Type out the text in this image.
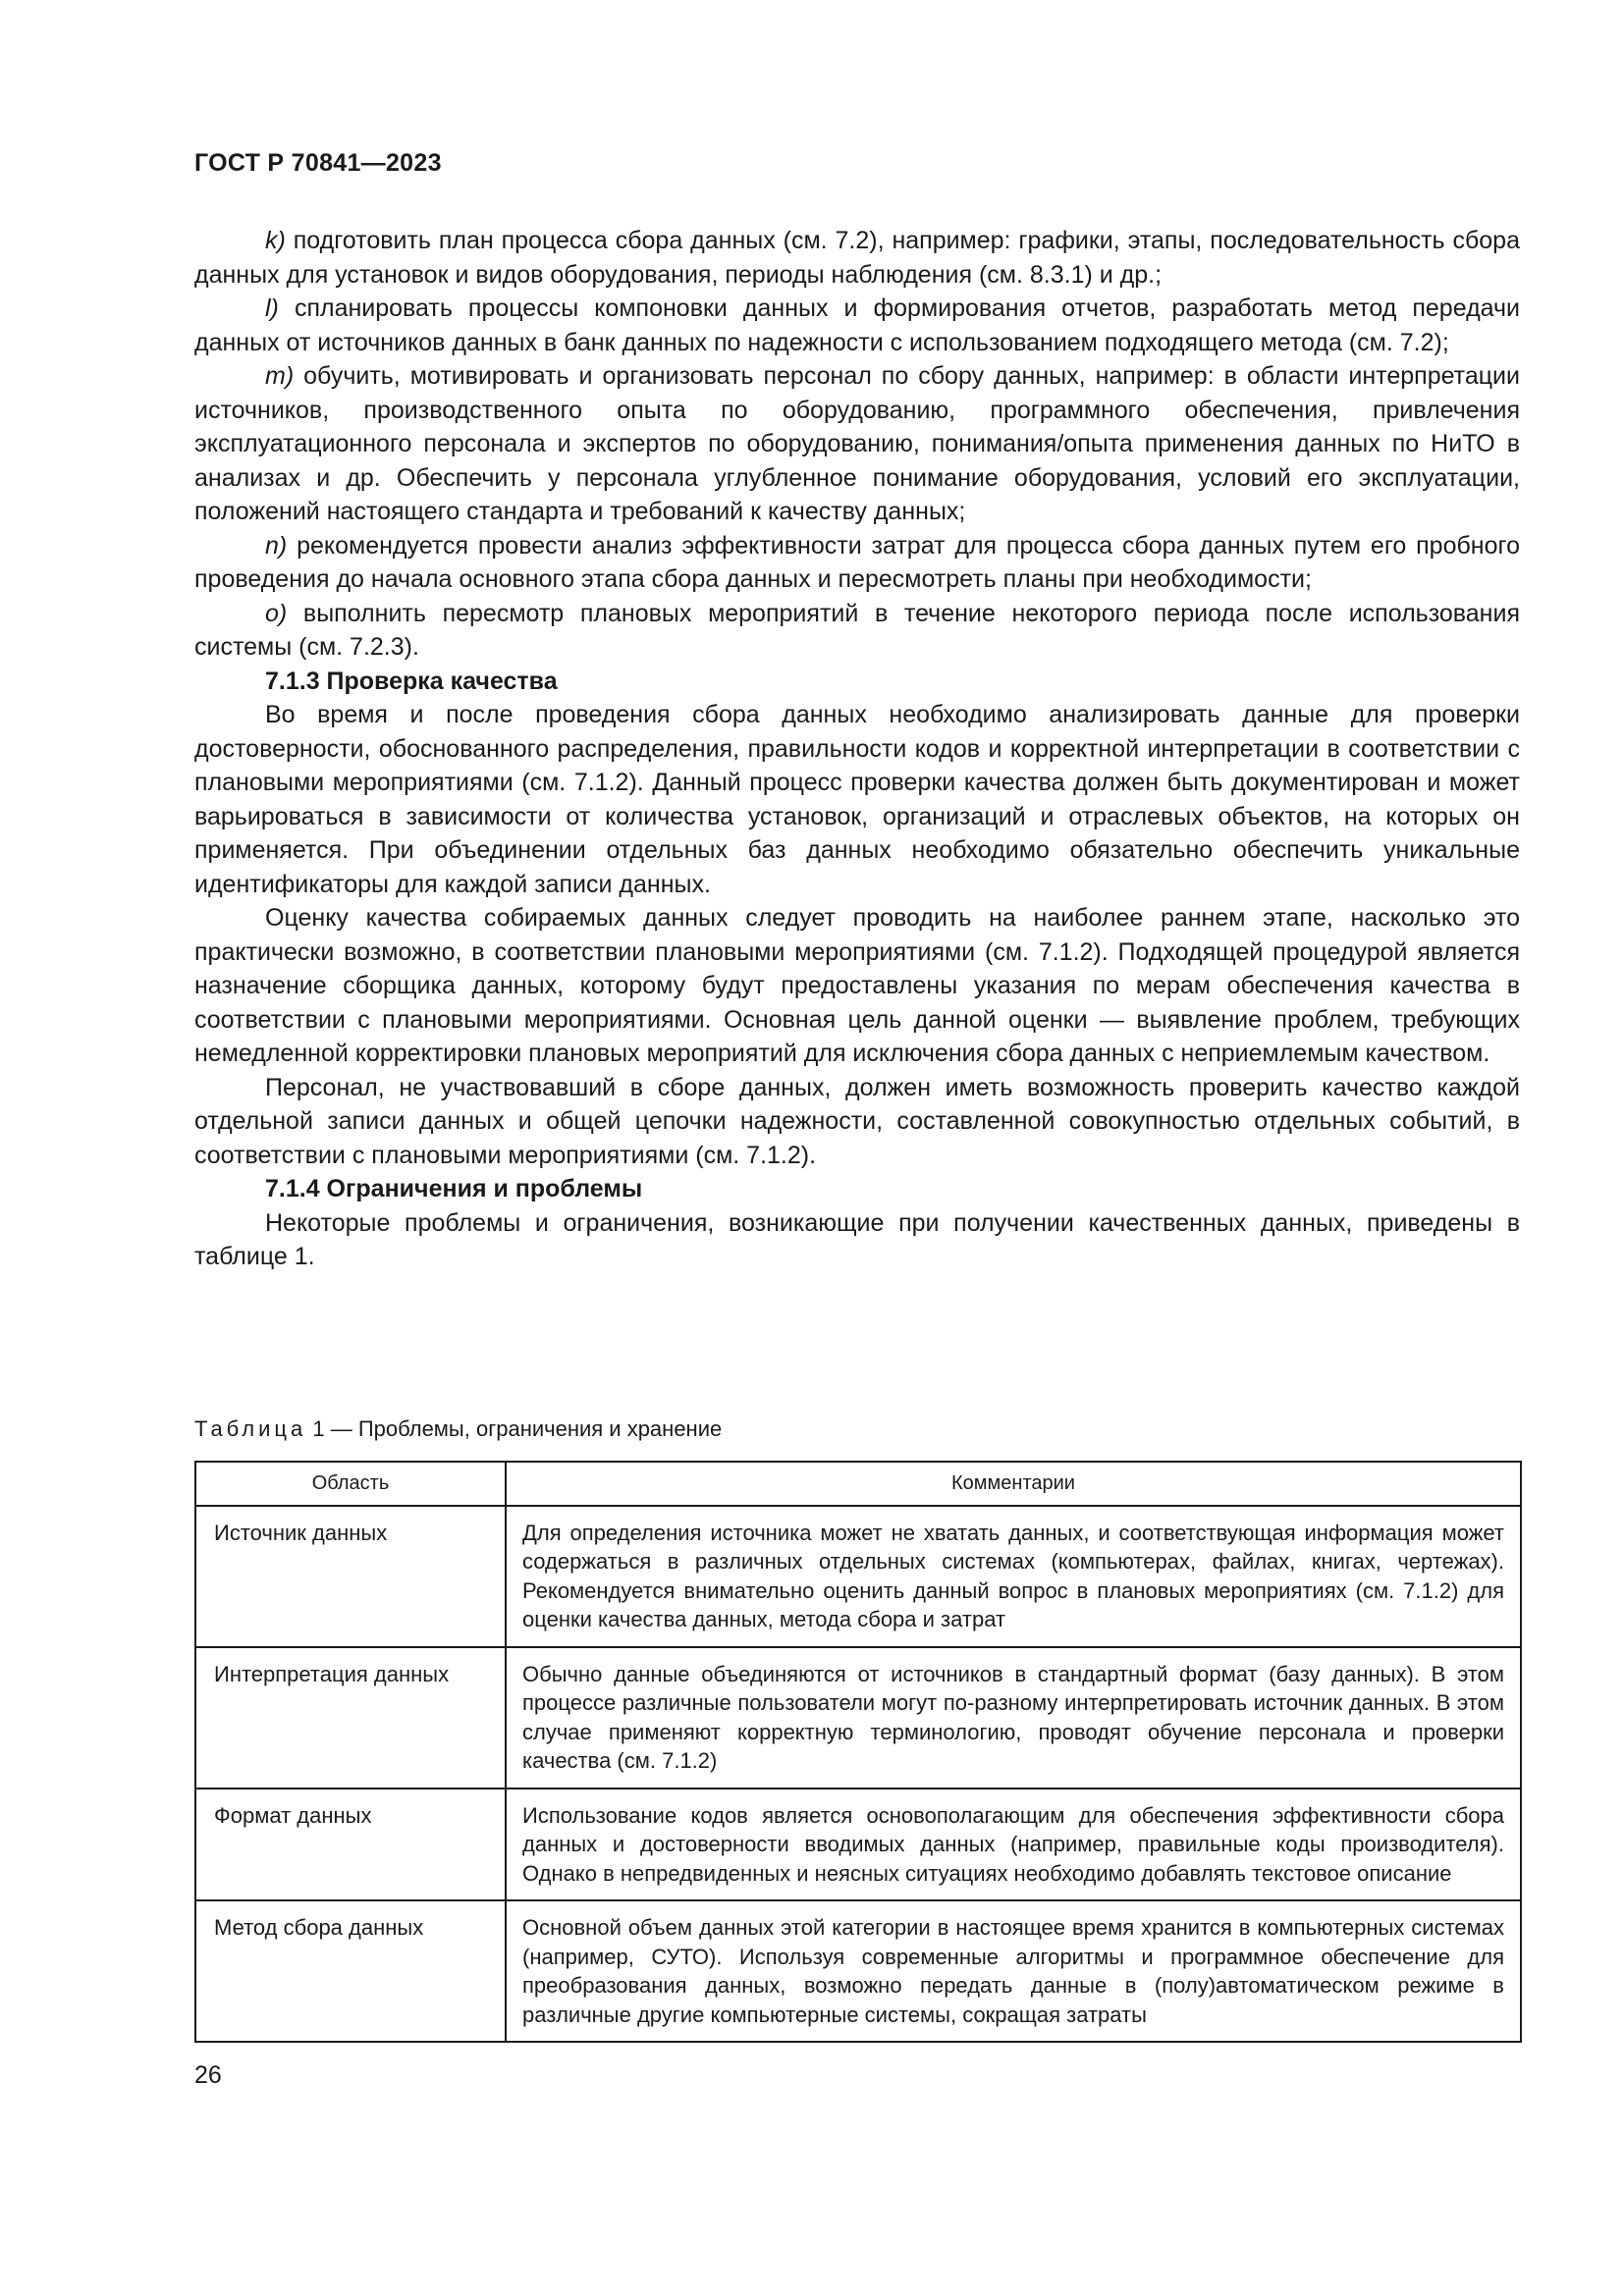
ГОСТ Р 70841—2023

k) подготовить план процесса сбора данных (см. 7.2), например: графики, этапы, последовательность сбора данных для установок и видов оборудования, периоды наблюдения (см. 8.3.1) и др.;

l) спланировать процессы компоновки данных и формирования отчетов, разработать метод передачи данных от источников данных в банк данных по надежности с использованием подходящего метода (см. 7.2);

m) обучить, мотивировать и организовать персонал по сбору данных, например: в области интерпретации источников, производственного опыта по оборудованию, программного обеспечения, привлечения эксплуатационного персонала и экспертов по оборудованию, понимания/опыта применения данных по НиТО в анализах и др. Обеспечить у персонала углубленное понимание оборудования, условий его эксплуатации, положений настоящего стандарта и требований к качеству данных;

n) рекомендуется провести анализ эффективности затрат для процесса сбора данных путем его пробного проведения до начала основного этапа сбора данных и пересмотреть планы при необходимости;

o) выполнить пересмотр плановых мероприятий в течение некоторого периода после использования системы (см. 7.2.3).

7.1.3 Проверка качества

Во время и после проведения сбора данных необходимо анализировать данные для проверки достоверности, обоснованного распределения, правильности кодов и корректной интерпретации в соответствии с плановыми мероприятиями (см. 7.1.2). Данный процесс проверки качества должен быть документирован и может варьироваться в зависимости от количества установок, организаций и отраслевых объектов, на которых он применяется. При объединении отдельных баз данных необходимо обязательно обеспечить уникальные идентификаторы для каждой записи данных.

Оценку качества собираемых данных следует проводить на наиболее раннем этапе, насколько это практически возможно, в соответствии плановыми мероприятиями (см. 7.1.2). Подходящей процедурой является назначение сборщика данных, которому будут предоставлены указания по мерам обеспечения качества в соответствии с плановыми мероприятиями. Основная цель данной оценки — выявление проблем, требующих немедленной корректировки плановых мероприятий для исключения сбора данных с неприемлемым качеством.

Персонал, не участвовавший в сборе данных, должен иметь возможность проверить качество каждой отдельной записи данных и общей цепочки надежности, составленной совокупностью отдельных событий, в соответствии с плановыми мероприятиями (см. 7.1.2).

7.1.4 Ограничения и проблемы

Некоторые проблемы и ограничения, возникающие при получении качественных данных, приведены в таблице 1.

Таблица 1 — Проблемы, ограничения и хранение
Область	Комментарии
Источник данных	Для определения источника может не хватать данных, и соответствующая информация может содержаться в различных отдельных системах (компьютерах, файлах, книгах, чертежах). Рекомендуется внимательно оценить данный вопрос в плановых мероприятиях (см. 7.1.2) для оценки качества данных, метода сбора и затрат
Интерпретация данных	Обычно данные объединяются от источников в стандартный формат (базу данных). В этом процессе различные пользователи могут по-разному интерпретировать источник данных. В этом случае применяют корректную терминологию, проводят обучение персонала и проверки качества (см. 7.1.2)
Формат данных	Использование кодов является основополагающим для обеспечения эффективности сбора данных и достоверности вводимых данных (например, правильные коды производителя). Однако в непредвиденных и неясных ситуациях необходимо добавлять текстовое описание
Метод сбора данных	Основной объем данных этой категории в настоящее время хранится в компьютерных системах (например, СУТО). Используя современные алгоритмы и программное обеспечение для преобразования данных, возможно передать данные в (полу)автоматическом режиме в различные другие компьютерные системы, сокращая затраты
26
